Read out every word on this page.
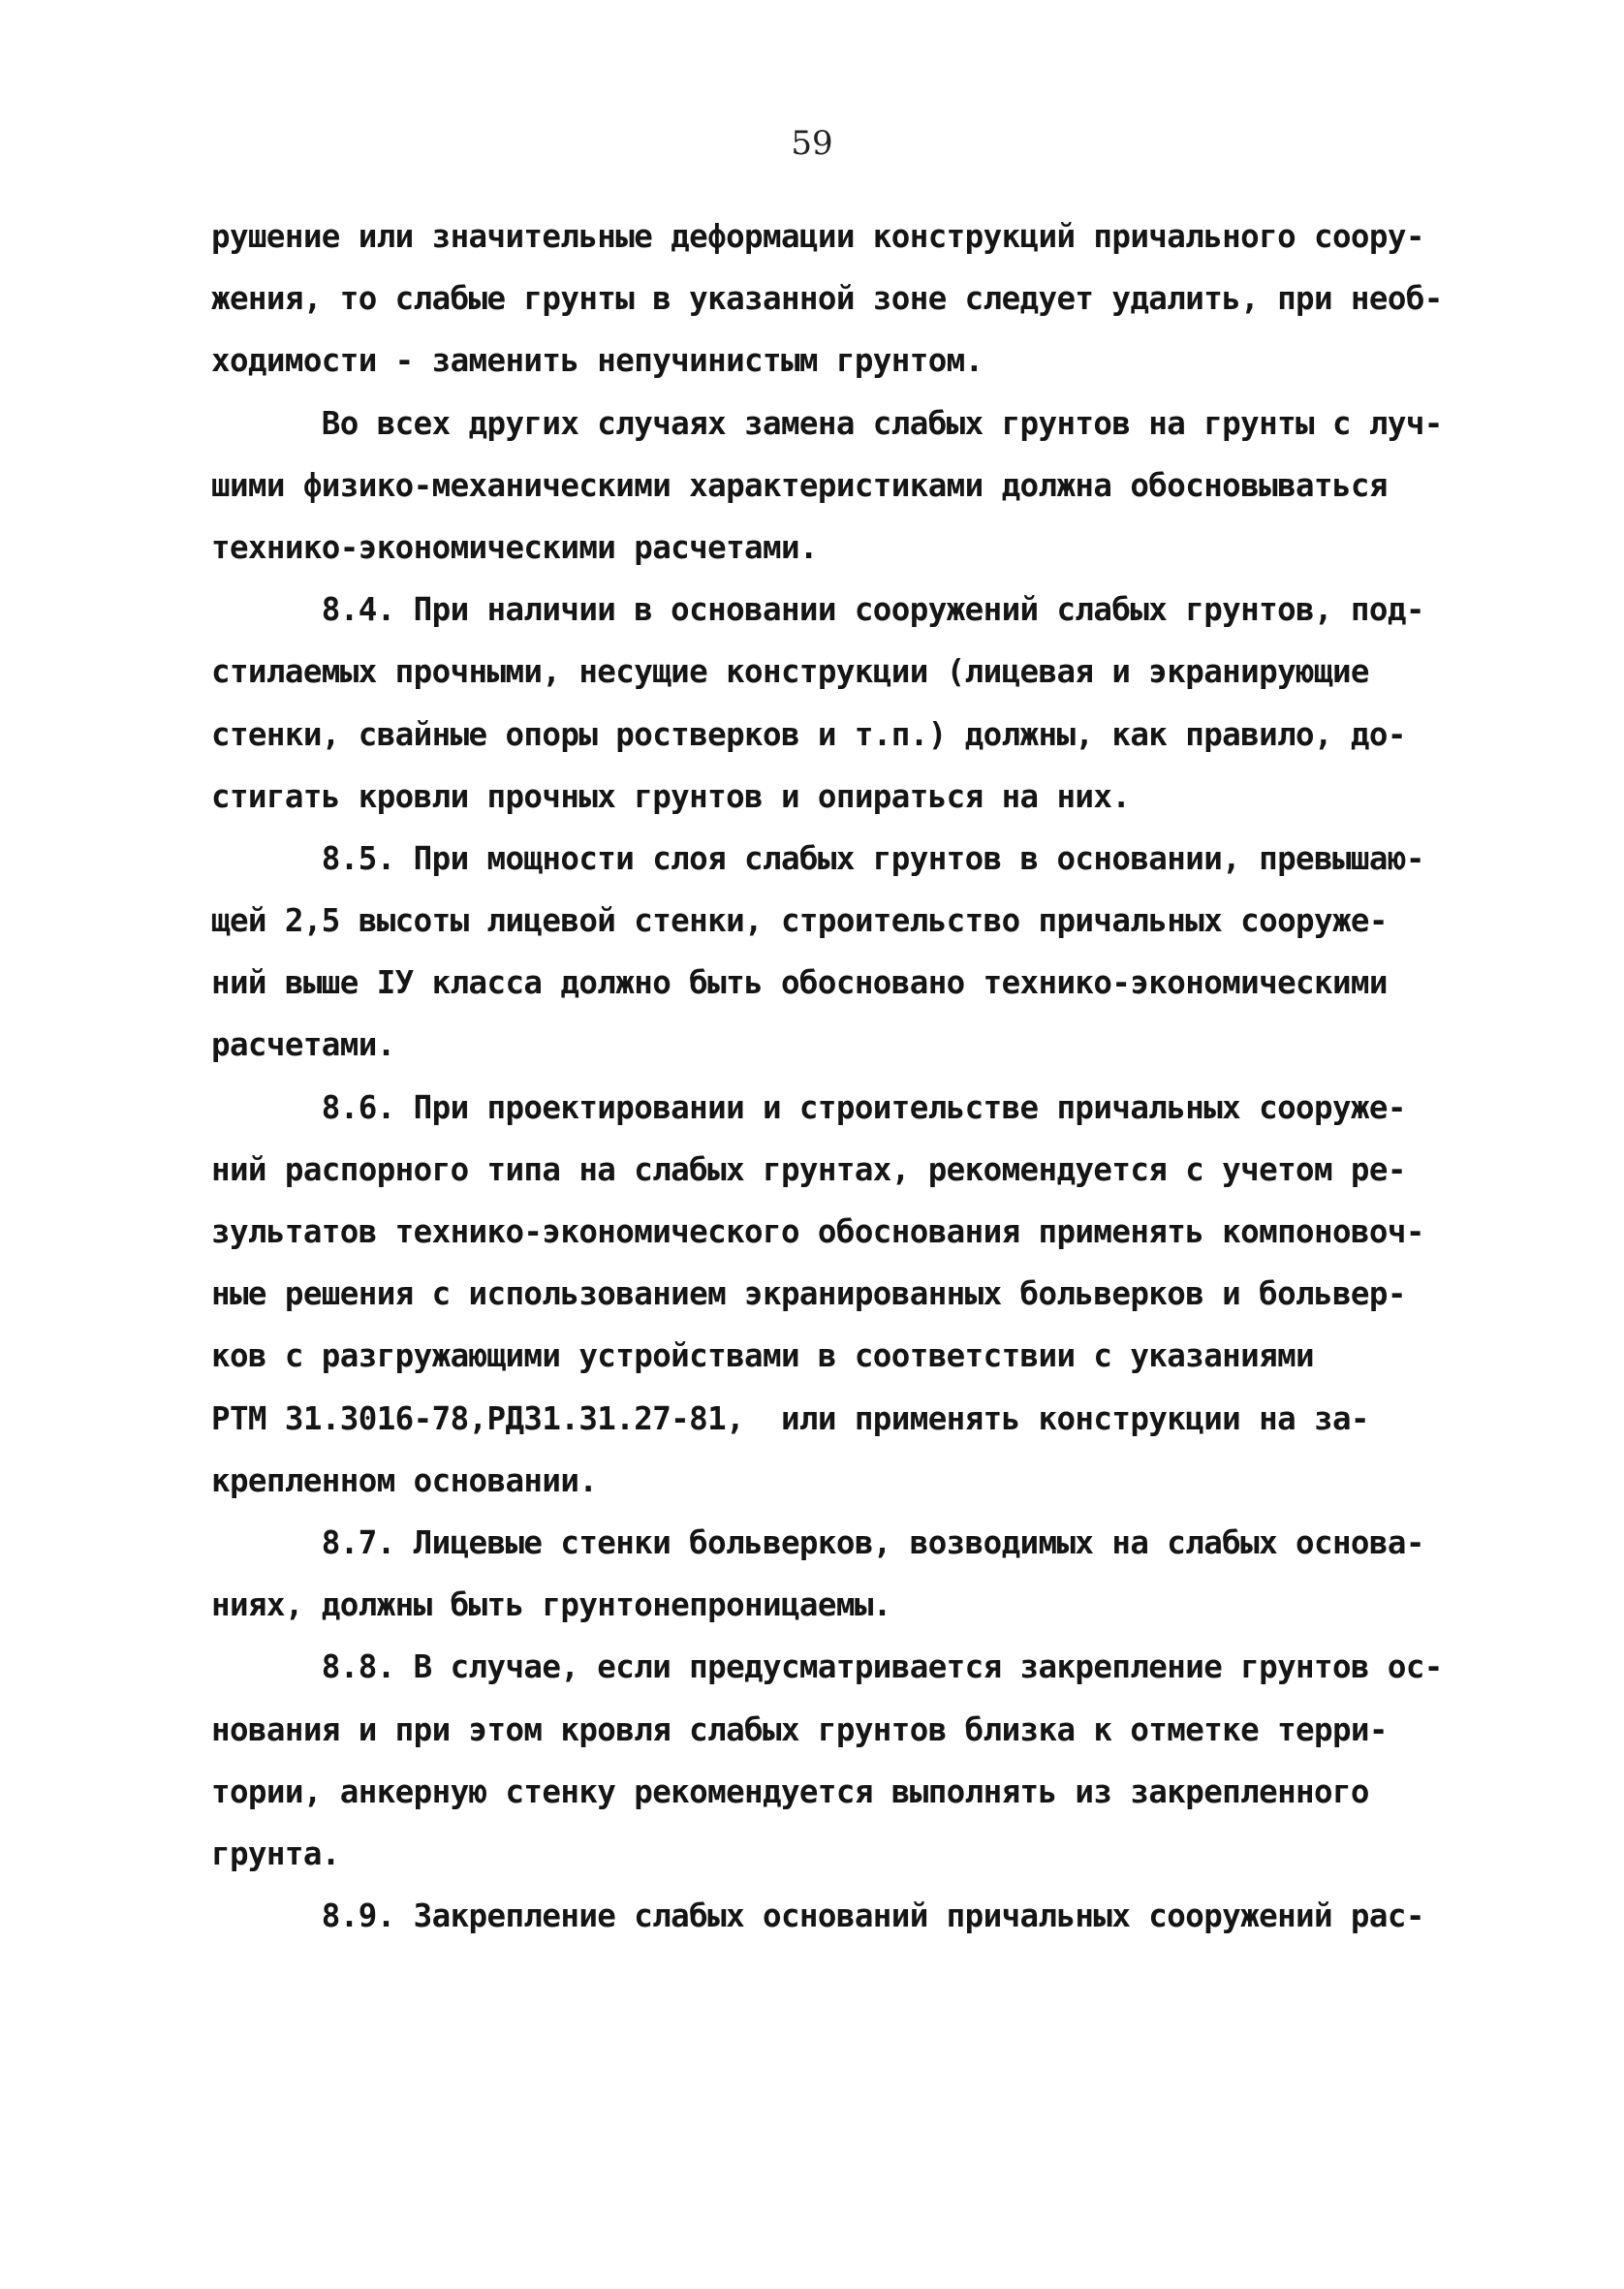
59
рушение или значительные деформации конструкций причального соору-
жения, то слабые грунты в указанной зоне следует удалить, при необ-
ходимости - заменить непучинистым грунтом.
Во всех других случаях замена слабых грунтов на грунты с луч-
шими физико-механическими характеристиками должна обосновываться
технико-экономическими расчетами.
8.4. При наличии в основании сооружений слабых грунтов, под-
стилаемых прочными, несущие конструкции (лицевая и экранирующие
стенки, свайные опоры ростверков и т.п.) должны, как правило, до-
стигать кровли прочных грунтов и опираться на них.
8.5. При мощности слоя слабых грунтов в основании, превышаю-
щей 2,5 высоты лицевой стенки, строительство причальных сооруже-
ний выше IУ класса должно быть обосновано технико-экономическими
расчетами.
8.6. При проектировании и строительстве причальных сооруже-
ний распорного типа на слабых грунтах, рекомендуется с учетом ре-
зультатов технико-экономического обоснования применять компоновоч-
ные решения с использованием экранированных больверков и больвер-
ков с разгружающими устройствами в соответствии с указаниями
РТМ 31.3016-78,РД31.31.27-81,  или применять конструкции на за-
крепленном основании.
8.7. Лицевые стенки больверков, возводимых на слабых основа-
ниях, должны быть грунтонепроницаемы.
8.8. В случае, если предусматривается закрепление грунтов ос-
нования и при этом кровля слабых грунтов близка к отметке терри-
тории, анкерную стенку рекомендуется выполнять из закрепленного
грунта.
8.9. Закрепление слабых оснований причальных сооружений рас-
